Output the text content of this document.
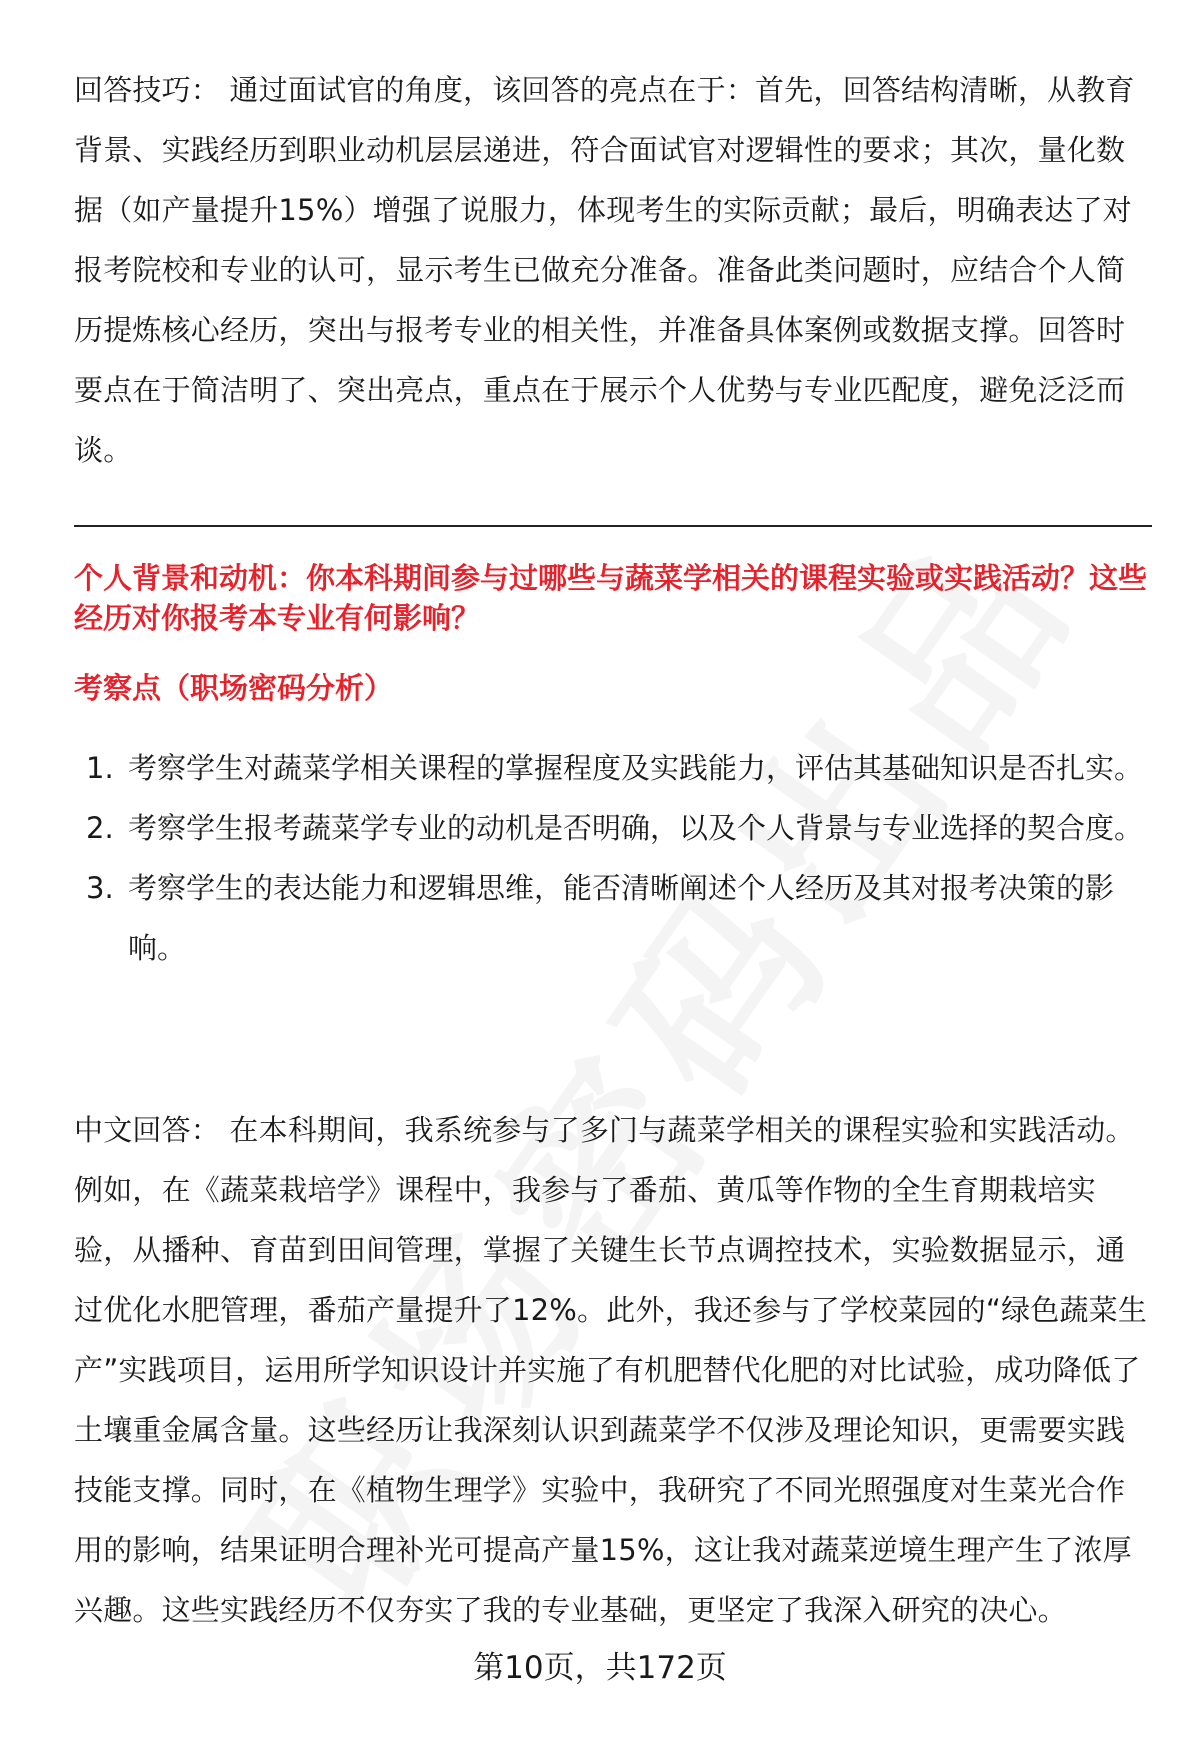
回答技巧： 通过面试官的角度，该回答的亮点在于：首先，回答结构清晰，从教育背景、实践经历到职业动机层层递进，符合面试官对逻辑性的要求；其次，量化数据（如产量提升15%）增强了说服力，体现考生的实际贡献；最后，明确表达了对报考院校和专业的认可，显示考生已做充分准备。准备此类问题时，应结合个人简历提炼核心经历，突出与报考专业的相关性，并准备具体案例或数据支撑。回答时要点在于简洁明了、突出亮点，重点在于展示个人优势与专业匹配度，避免泛泛而谈。

个人背景和动机：你本科期间参与过哪些与蔬菜学相关的课程实验或实践活动？这些经历对你报考本专业有何影响？

考察点（职场密码分析）

1. 考察学生对蔬菜学相关课程的掌握程度及实践能力，评估其基础知识是否扎实。
2. 考察学生报考蔬菜学专业的动机是否明确，以及个人背景与专业选择的契合度。
3. 考察学生的表达能力和逻辑思维，能否清晰阐述个人经历及其对报考决策的影响。

中文回答： 在本科期间，我系统参与了多门与蔬菜学相关的课程实验和实践活动。例如，在《蔬菜栽培学》课程中，我参与了番茄、黄瓜等作物的全生育期栽培实验，从播种、育苗到田间管理，掌握了关键生长节点调控技术，实验数据显示，通过优化水肥管理，番茄产量提升了12%。此外，我还参与了学校菜园的“绿色蔬菜生产”实践项目，运用所学知识设计并实施了有机肥替代化肥的对比试验，成功降低了土壤重金属含量。这些经历让我深刻认识到蔬菜学不仅涉及理论知识，更需要实践技能支撑。同时，在《植物生理学》实验中，我研究了不同光照强度对生菜光合作用的影响，结果证明合理补光可提高产量15%，这让我对蔬菜逆境生理产生了浓厚兴趣。这些实践经历不仅夯实了我的专业基础，更坚定了我深入研究的决心。

第10页，共172页
